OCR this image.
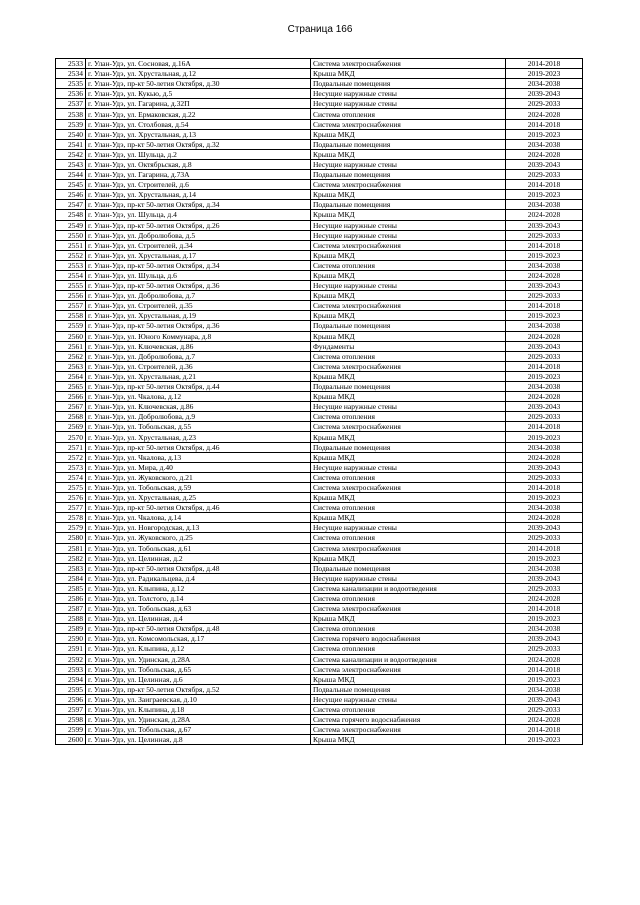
Страница 166
2533	г. Улан-Удэ, ул. Сосновая, д.16А	Система электроснабжения	2014-2018
2534	г. Улан-Удэ, ул. Хрустальная, д.12	Крыша МКД	2019-2023
2535	г. Улан-Удэ, пр-кт 50-летия Октября, д.30	Подвальные помещения	2034-2038
2536	г. Улан-Удэ, ул. Кукью, д.5	Несущие наружные стены	2039-2043
2537	г. Улан-Удэ, ул. Гагарина, д.32П	Несущие наружные стены	2029-2033
2538	г. Улан-Удэ, ул. Ермаковская, д.22	Система отопления	2024-2028
2539	г. Улан-Удэ, ул. Столбовая, д.54	Система электроснабжения	2014-2018
2540	г. Улан-Удэ, ул. Хрустальная, д.13	Крыша МКД	2019-2023
2541	г. Улан-Удэ, пр-кт 50-летия Октября, д.32	Подвальные помещения	2034-2038
2542	г. Улан-Удэ, ул. Шульца, д.2	Крыша МКД	2024-2028
2543	г. Улан-Удэ, ул. Октябрьская, д.8	Несущие наружные стены	2039-2043
2544	г. Улан-Удэ, ул. Гагарина, д.73А	Подвальные помещения	2029-2033
2545	г. Улан-Удэ, ул. Строителей, д.6	Система электроснабжения	2014-2018
2546	г. Улан-Удэ, ул. Хрустальная, д.14	Крыша МКД	2019-2023
2547	г. Улан-Удэ, пр-кт 50-летия Октября, д.34	Подвальные помещения	2034-2038
2548	г. Улан-Удэ, ул. Шульца, д.4	Крыша МКД	2024-2028
2549	г. Улан-Удэ, пр-кт 50-летия Октября, д.26	Несущие наружные стены	2039-2043
2550	г. Улан-Удэ, ул. Добролюбова, д.5	Несущие наружные стены	2029-2033
2551	г. Улан-Удэ, ул. Строителей, д.34	Система электроснабжения	2014-2018
2552	г. Улан-Удэ, ул. Хрустальная, д.17	Крыша МКД	2019-2023
2553	г. Улан-Удэ, пр-кт 50-летия Октября, д.34	Система отопления	2034-2038
2554	г. Улан-Удэ, ул. Шульца, д.6	Крыша МКД	2024-2028
2555	г. Улан-Удэ, пр-кт 50-летия Октября, д.36	Несущие наружные стены	2039-2043
2556	г. Улан-Удэ, ул. Добролюбова, д.7	Крыша МКД	2029-2033
2557	г. Улан-Удэ, ул. Строителей, д.35	Система электроснабжения	2014-2018
2558	г. Улан-Удэ, ул. Хрустальная, д.19	Крыша МКД	2019-2023
2559	г. Улан-Удэ, пр-кт 50-летия Октября, д.36	Подвальные помещения	2034-2038
2560	г. Улан-Удэ, ул. Юного Коммунара, д.8	Крыша МКД	2024-2028
2561	г. Улан-Удэ, ул. Ключевская, д.86	Фундаменты	2039-2043
2562	г. Улан-Удэ, ул. Добролюбова, д.7	Система отопления	2029-2033
2563	г. Улан-Удэ, ул. Строителей, д.36	Система электроснабжения	2014-2018
2564	г. Улан-Удэ, ул. Хрустальная, д.21	Крыша МКД	2019-2023
2565	г. Улан-Удэ, пр-кт 50-летия Октября, д.44	Подвальные помещения	2034-2038
2566	г. Улан-Удэ, ул. Чкалова, д.12	Крыша МКД	2024-2028
2567	г. Улан-Удэ, ул. Ключевская, д.86	Несущие наружные стены	2039-2043
2568	г. Улан-Удэ, ул. Добролюбова, д.9	Система отопления	2029-2033
2569	г. Улан-Удэ, ул. Тобольская, д.55	Система электроснабжения	2014-2018
2570	г. Улан-Удэ, ул. Хрустальная, д.23	Крыша МКД	2019-2023
2571	г. Улан-Удэ, пр-кт 50-летия Октября, д.46	Подвальные помещения	2034-2038
2572	г. Улан-Удэ, ул. Чкалова, д.13	Крыша МКД	2024-2028
2573	г. Улан-Удэ, ул. Мира, д.40	Несущие наружные стены	2039-2043
2574	г. Улан-Удэ, ул. Жуковского, д.21	Система отопления	2029-2033
2575	г. Улан-Удэ, ул. Тобольская, д.59	Система электроснабжения	2014-2018
2576	г. Улан-Удэ, ул. Хрустальная, д.25	Крыша МКД	2019-2023
2577	г. Улан-Удэ, пр-кт 50-летия Октября, д.46	Система отопления	2034-2038
2578	г. Улан-Удэ, ул. Чкалова, д.14	Крыша МКД	2024-2028
2579	г. Улан-Удэ, ул. Новгородская, д.13	Несущие наружные стены	2039-2043
2580	г. Улан-Удэ, ул. Жуковского, д.25	Система отопления	2029-2033
2581	г. Улан-Удэ, ул. Тобольская, д.61	Система электроснабжения	2014-2018
2582	г. Улан-Удэ, ул. Целинная, д.2	Крыша МКД	2019-2023
2583	г. Улан-Удэ, пр-кт 50-летия Октября, д.48	Подвальные помещения	2034-2038
2584	г. Улан-Удэ, ул. Радикальцева, д.4	Несущие наружные стены	2039-2043
2585	г. Улан-Удэ, ул. Клыпина, д.12	Система канализации и водоотведения	2029-2033
2586	г. Улан-Удэ, ул. Толстого, д.14	Система отопления	2024-2028
2587	г. Улан-Удэ, ул. Тобольская, д.63	Система электроснабжения	2014-2018
2588	г. Улан-Удэ, ул. Целинная, д.4	Крыша МКД	2019-2023
2589	г. Улан-Удэ, пр-кт 50-летия Октября, д.48	Система отопления	2034-2038
2590	г. Улан-Удэ, ул. Комсомольская, д.17	Система горячего водоснабжения	2039-2043
2591	г. Улан-Удэ, ул. Клыпина, д.12	Система отопления	2029-2033
2592	г. Улан-Удэ, ул. Удинская, д.28А	Система канализации и водоотведения	2024-2028
2593	г. Улан-Удэ, ул. Тобольская, д.65	Система электроснабжения	2014-2018
2594	г. Улан-Удэ, ул. Целинная, д.6	Крыша МКД	2019-2023
2595	г. Улан-Удэ, пр-кт 50-летия Октября, д.52	Подвальные помещения	2034-2038
2596	г. Улан-Удэ, ул. Заиграевская, д.10	Несущие наружные стены	2039-2043
2597	г. Улан-Удэ, ул. Клыпина, д.18	Система отопления	2029-2033
2598	г. Улан-Удэ, ул. Удинская, д.28А	Система горячего водоснабжения	2024-2028
2599	г. Улан-Удэ, ул. Тобольская, д.67	Система электроснабжения	2014-2018
2600	г. Улан-Удэ, ул. Целинная, д.8	Крыша МКД	2019-2023
